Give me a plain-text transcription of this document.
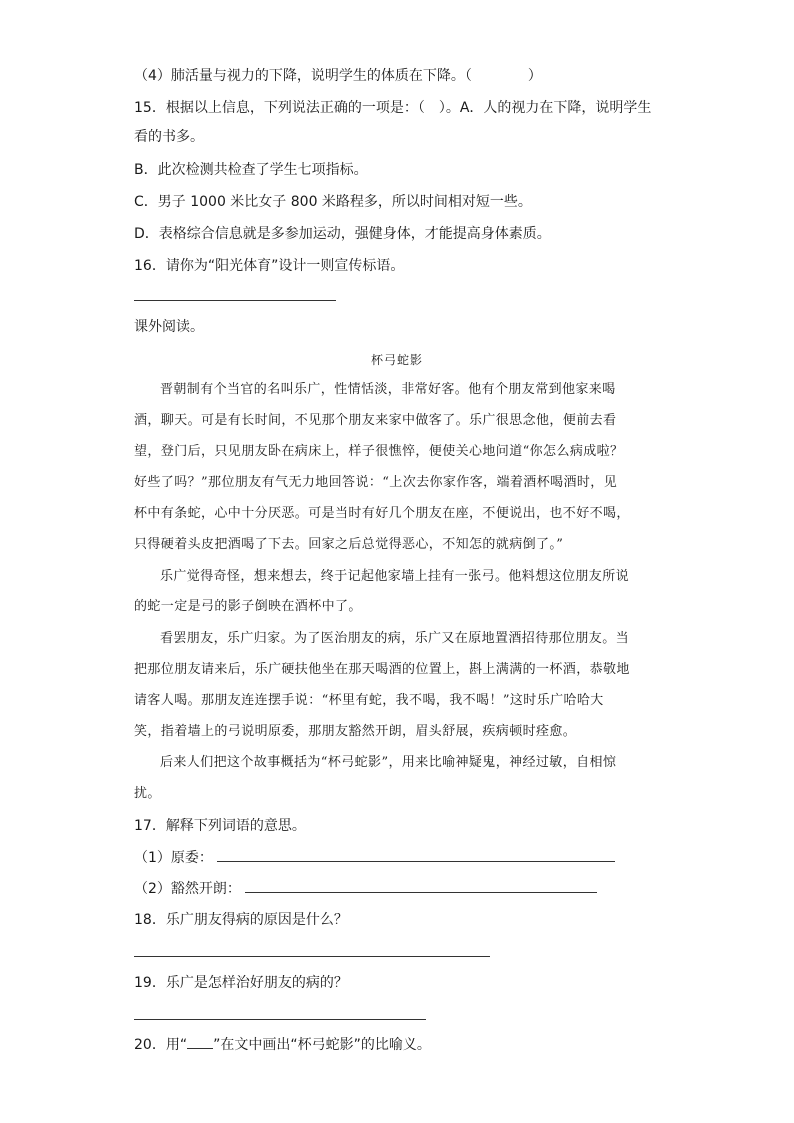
（4）肺活量与视力的下降，说明学生的体质在下降。（　　　　）
15．根据以上信息，下列说法正确的一项是：（　）。A．人的视力在下降，说明学生
看的书多。
B．此次检测共检查了学生七项指标。
C．男子 1000 米比女子 800 米路程多，所以时间相对短一些。
D．表格综合信息就是多参加运动，强健身体，才能提高身体素质。
16．请你为“阳光体育”设计一则宣传标语。
课外阅读。
杯弓蛇影
晋朝制有个当官的名叫乐广，性情恬淡，非常好客。他有个朋友常到他家来喝
酒，聊天。可是有长时间，不见那个朋友来家中做客了。乐广很思念他，便前去看
望，登门后，只见朋友卧在病床上，样子很憔悴，便使关心地问道“你怎么病成啦？
好些了吗？”那位朋友有气无力地回答说：“上次去你家作客，端着酒杯喝酒时，见
杯中有条蛇，心中十分厌恶。可是当时有好几个朋友在座，不便说出，也不好不喝，
只得硬着头皮把酒喝了下去。回家之后总觉得恶心，不知怎的就病倒了。”
乐广觉得奇怪，想来想去，终于记起他家墙上挂有一张弓。他料想这位朋友所说
的蛇一定是弓的影子倒映在酒杯中了。
看罢朋友，乐广归家。为了医治朋友的病，乐广又在原地置酒招待那位朋友。当
把那位朋友请来后，乐广硬扶他坐在那天喝酒的位置上，斟上满满的一杯酒，恭敬地
请客人喝。那朋友连连摆手说：“杯里有蛇，我不喝，我不喝！”这时乐广哈哈大
笑，指着墙上的弓说明原委，那朋友豁然开朗，眉头舒展，疾病顿时痊愈。
后来人们把这个故事概括为“杯弓蛇影”，用来比喻神疑鬼，神经过敏，自相惊
扰。
17．解释下列词语的意思。
（1）原委：
（2）豁然开朗：
18．乐广朋友得病的原因是什么？
19．乐广是怎样治好朋友的病的？
20．用“ ”在文中画出“杯弓蛇影”的比喻义。
